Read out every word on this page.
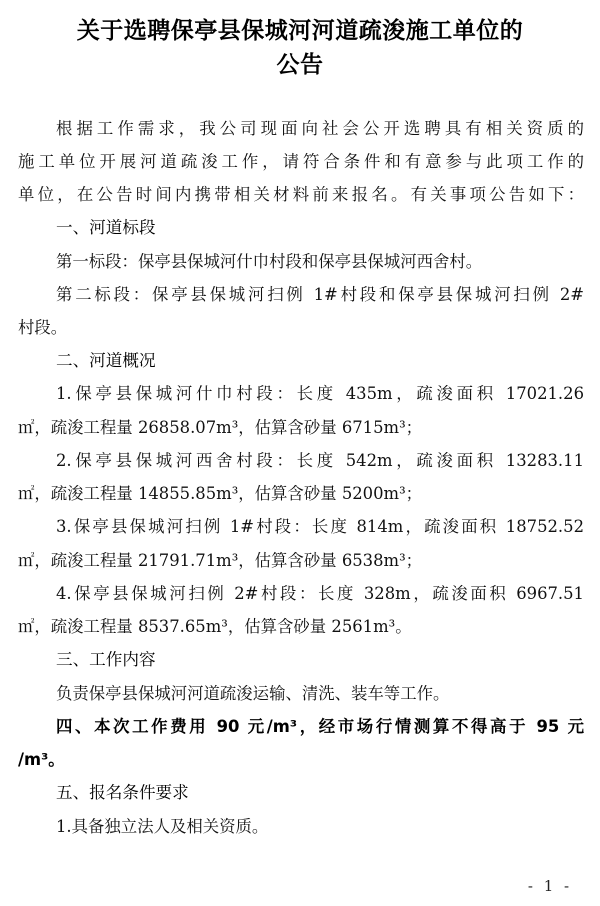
关于选聘保亭县保城河河道疏浚施工单位的
公告
根据工作需求，我公司现面向社会公开选聘具有相关资质的
施工单位开展河道疏浚工作，请符合条件和有意参与此项工作的
单位，在公告时间内携带相关材料前来报名。有关事项公告如下：
一、河道标段
第一标段：保亭县保城河什巾村段和保亭县保城河西舍村。
第二标段：保亭县保城河扫例 1#村段和保亭县保城河扫例 2#
村段。
二、河道概况
1.保亭县保城河什巾村段：长度 435m，疏浚面积 17021.26
㎡，疏浚工程量 26858.07m³，估算含砂量 6715m³；
2.保亭县保城河西舍村段：长度 542m，疏浚面积 13283.11
㎡，疏浚工程量 14855.85m³，估算含砂量 5200m³；
3.保亭县保城河扫例 1#村段：长度 814m，疏浚面积 18752.52
㎡，疏浚工程量 21791.71m³，估算含砂量 6538m³；
4.保亭县保城河扫例 2#村段：长度 328m，疏浚面积 6967.51
㎡，疏浚工程量 8537.65m³，估算含砂量 2561m³。
三、工作内容
负责保亭县保城河河道疏浚运输、清洗、装车等工作。
四、本次工作费用 90 元/m³，经市场行情测算不得高于 95 元
/m³。
五、报名条件要求
1.具备独立法人及相关资质。
- 1 -
